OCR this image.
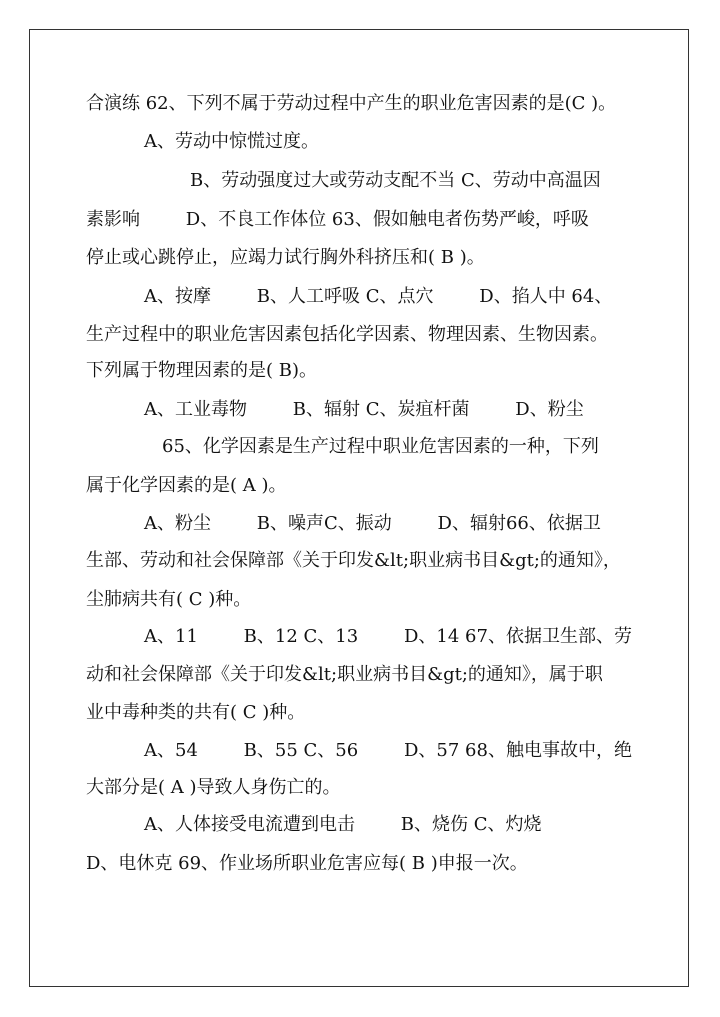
合演练 62、下列不属于劳动过程中产生的职业危害因素的是(C )。
A、劳动中惊慌过度。
B、劳动强度过大或劳动支配不当 C、劳动中高温因
素影响        D、不良工作体位 63、假如触电者伤势严峻，呼吸
停止或心跳停止，应竭力试行胸外科挤压和( B )。
A、按摩        B、人工呼吸 C、点穴        D、掐人中 64、
生产过程中的职业危害因素包括化学因素、物理因素、生物因素。
下列属于物理因素的是( B)。
A、工业毒物        B、辐射 C、炭疽杆菌        D、粉尘
65、化学因素是生产过程中职业危害因素的一种，下列
属于化学因素的是( A )。
A、粉尘        B、噪声C、振动        D、辐射66、依据卫
生部、劳动和社会保障部《关于印发&lt;职业病书目&gt;的通知》，
尘肺病共有( C )种。
A、11        B、12 C、13        D、14 67、依据卫生部、劳
动和社会保障部《关于印发&lt;职业病书目&gt;的通知》，属于职
业中毒种类的共有( C )种。
A、54        B、55 C、56        D、57 68、触电事故中，绝
大部分是( A )导致人身伤亡的。
A、人体接受电流遭到电击        B、烧伤 C、灼烧
D、电休克 69、作业场所职业危害应每( B )申报一次。
